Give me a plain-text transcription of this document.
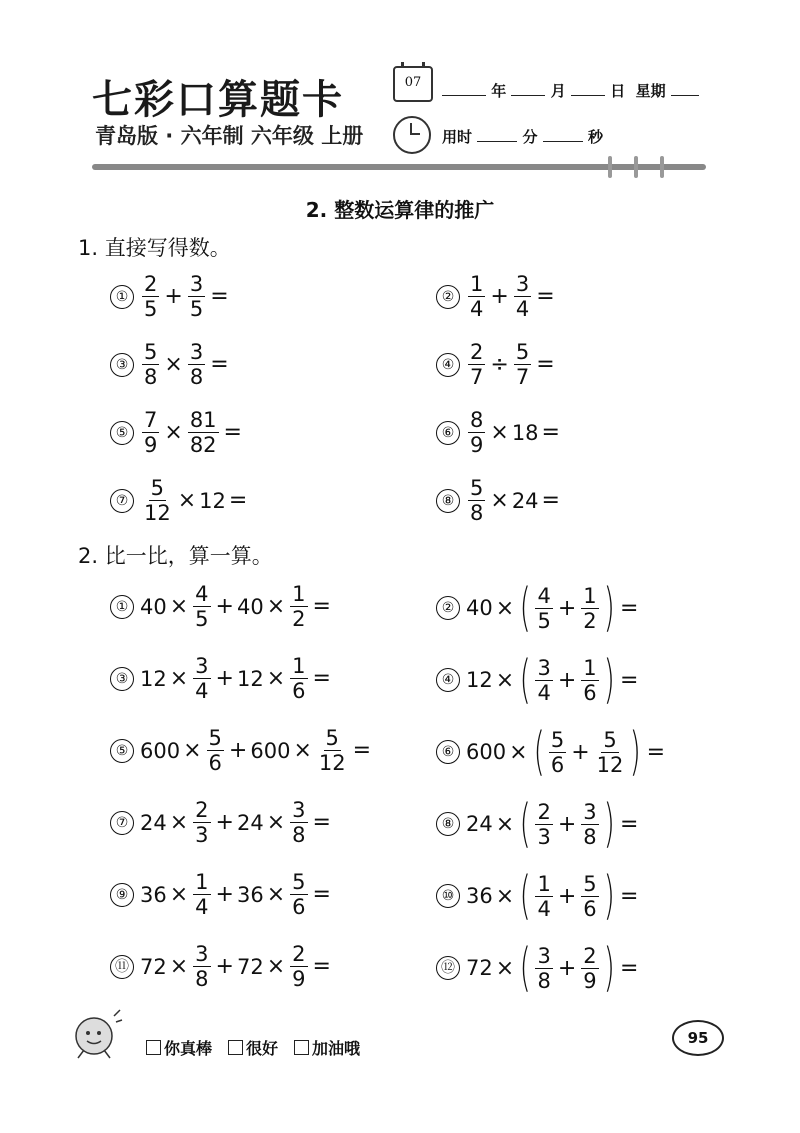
七彩口算题卡
青岛版 · 六年制 六年级 上册
07	年	月	日 星期
用时	分	秒
2. 整数运算律的推广
1. 直接写得数。
① $\frac{2}{5} + \frac{3}{5}$ =	② $\frac{1}{4} + \frac{3}{4}$ =
③ $\frac{5}{8} \times \frac{3}{8}$ =	④ $\frac{2}{7} \div \frac{5}{7}$ =
⑤ $\frac{7}{9} \times \frac{81}{82}$ =	⑥ $\frac{8}{9} \times 18$ =
⑦ $\frac{5}{12} \times 12$ =	⑧ $\frac{5}{8} \times 24$ =
2. 比一比，算一算。
① $40 \times \frac{4}{5} + 40 \times \frac{1}{2}$ =	② 40 × ( $\frac{4}{5} + \frac{1}{2}$ ) =
③ $12 \times \frac{3}{4} + 12 \times \frac{1}{6}$ =	④ 12 × ( $\frac{3}{4} + \frac{1}{6}$ ) =
⑤ $600 \times \frac{5}{6} + 600 \times \frac{5}{12}$ =	⑥ 600 × ( $\frac{5}{6} + \frac{5}{12}$ ) =
⑦ $24 \times \frac{2}{3} + 24 \times \frac{3}{8}$ =	⑧ 24 × ( $\frac{2}{3} + \frac{3}{8}$ ) =
⑨ $36 \times \frac{1}{4} + 36 \times \frac{5}{6}$ =	⑩ 36 × ( $\frac{1}{4} + \frac{5}{6}$ ) =
⑪ $72 \times \frac{3}{8} + 72 \times \frac{2}{9}$ =	⑫ 72 × ( $\frac{3}{8} + \frac{2}{9}$ ) =
你真棒	很好	加油哦
95
